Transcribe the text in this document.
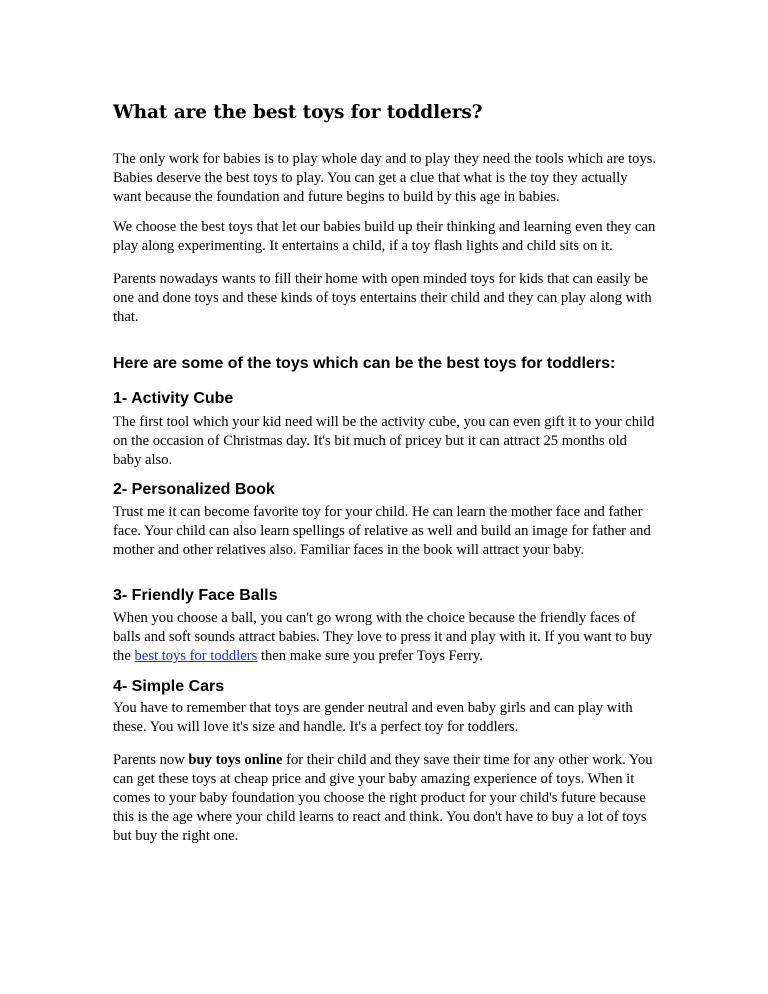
What are the best toys for toddlers?

The only work for babies is to play whole day and to play they need the tools which are toys. Babies deserve the best toys to play. You can get a clue that what is the toy they actually want because the foundation and future begins to build by this age in babies.

We choose the best toys that let our babies build up their thinking and learning even they can play along experimenting. It entertains a child, if a toy flash lights and child sits on it.

Parents nowadays wants to fill their home with open minded toys for kids that can easily be one and done toys and these kinds of toys entertains their child and they can play along with that.

Here are some of the toys which can be the best toys for toddlers:
1- Activity Cube

The first tool which your kid need will be the activity cube, you can even gift it to your child on the occasion of Christmas day. It's bit much of pricey but it can attract 25 months old baby also.

2- Personalized Book

Trust me it can become favorite toy for your child. He can learn the mother face and father face. Your child can also learn spellings of relative as well and build an image for father and mother and other relatives also. Familiar faces in the book will attract your baby.

3- Friendly Face Balls

When you choose a ball, you can't go wrong with the choice because the friendly faces of balls and soft sounds attract babies. They love to press it and play with it. If you want to buy the best toys for toddlers then make sure you prefer Toys Ferry.

4- Simple Cars

You have to remember that toys are gender neutral and even baby girls and can play with these. You will love it's size and handle. It's a perfect toy for toddlers.

Parents now buy toys online for their child and they save their time for any other work. You can get these toys at cheap price and give your baby amazing experience of toys. When it comes to your baby foundation you choose the right product for your child's future because this is the age where your child learns to react and think. You don't have to buy a lot of toys but buy the right one.
